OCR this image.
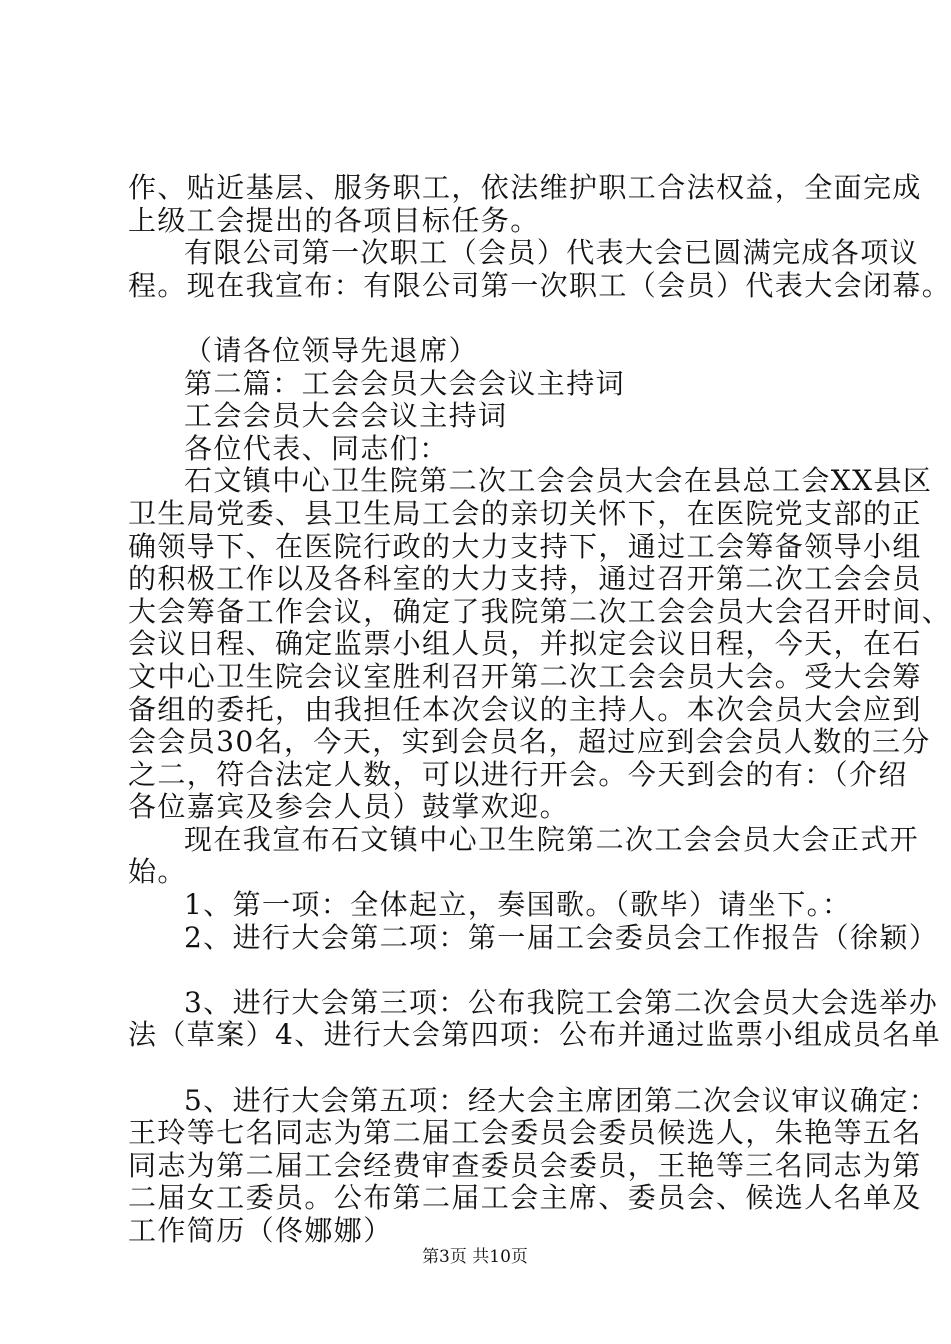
作、贴近基层、服务职工，依法维护职工合法权益，全面完成
上级工会提出的各项目标任务。
有限公司第一次职工（会员）代表大会已圆满完成各项议
程。现在我宣布：有限公司第一次职工（会员）代表大会闭幕。
（请各位领导先退席）
第二篇：工会会员大会会议主持词
工会会员大会会议主持词
各位代表、同志们：
石文镇中心卫生院第二次工会会员大会在县总工会XX县区
卫生局党委、县卫生局工会的亲切关怀下，在医院党支部的正
确领导下、在医院行政的大力支持下，通过工会筹备领导小组
的积极工作以及各科室的大力支持，通过召开第二次工会会员
大会筹备工作会议，确定了我院第二次工会会员大会召开时间、
会议日程、确定监票小组人员，并拟定会议日程，今天，在石
文中心卫生院会议室胜利召开第二次工会会员大会。受大会筹
备组的委托，由我担任本次会议的主持人。本次会员大会应到
会会员30名，今天，实到会员名，超过应到会会员人数的三分
之二，符合法定人数，可以进行开会。今天到会的有：（介绍
各位嘉宾及参会人员）鼓掌欢迎。
现在我宣布石文镇中心卫生院第二次工会会员大会正式开
始。
1、第一项：全体起立，奏国歌。（歌毕）请坐下。：
2、进行大会第二项：第一届工会委员会工作报告（徐颖）
3、进行大会第三项：公布我院工会第二次会员大会选举办
法（草案）4、进行大会第四项：公布并通过监票小组成员名单
5、进行大会第五项：经大会主席团第二次会议审议确定：
王玲等七名同志为第二届工会委员会委员候选人，朱艳等五名
同志为第二届工会经费审查委员会委员，王艳等三名同志为第
二届女工委员。公布第二届工会主席、委员会、候选人名单及
工作简历（佟娜娜）
第3页 共10页
